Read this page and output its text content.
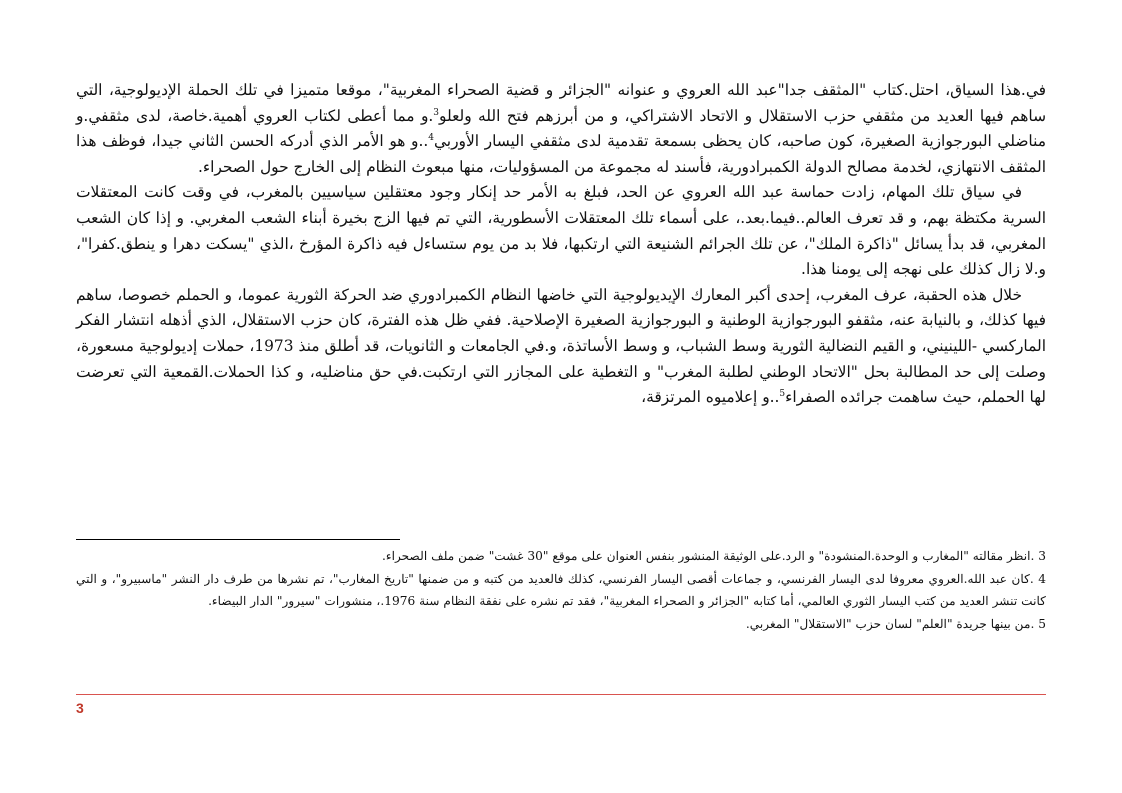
في.هذا السياق، احتل.كتاب "المثقف جدا"عبد الله العروي و عنوانه "الجزائر و قضية الصحراء المغربية"، موقعا متميزا في تلك الحملة الإديولوجية، التي ساهم فيها العديد من مثقفي حزب الاستقلال و الاتحاد الاشتراكي، و من أبرزهم فتح الله ولعلو$^3$.و مما أعطى لكتاب العروي أهمية.خاصة، لدى مثقفي.و مناضلي البورجوازية الصغيرة، كون صاحبه، كان يحظى بسمعة تقدمية لدى مثقفي اليسار الأوربي$^4$..و هو الأمر الذي أدركه الحسن الثاني جيدا، فوظف هذا المثقف الانتهازي، لخدمة مصالح الدولة الكمبرادورية، فأسند له مجموعة من المسؤوليات، منها مبعوث النظام إلى الخارج حول الصحراء.

في سياق تلك المهام، زادت حماسة عبد الله العروي عن الحد، فبلغ به الأمر حد إنكار وجود معتقلين سياسيين بالمغرب، في وقت كانت المعتقلات السرية مكتظة بهم، و قد تعرف العالم..فيما.بعد.، على أسماء تلك المعتقلات الأسطورية، التي تم فيها الزج بخيرة أبناء الشعب المغربي. و إذا كان الشعب المغربي، قد بدأ يسائل "ذاكرة الملك"، عن تلك الجرائم الشنيعة التي ارتكبها، فلا بد من يوم ستساءل فيه ذاكرة المؤرخ ،الذي "يسكت دهرا و ينطق.كفرا"، و.لا زال كذلك على نهجه إلى يومنا هذا.

خلال هذه الحقبة، عرف المغرب، إحدى أكبر المعارك الإيديولوجية التي خاضها النظام الكمبرادوري ضد الحركة الثورية عموما، و الحملم خصوصا، ساهم فيها كذلك، و بالنيابة عنه، مثقفو البورجوازية الوطنية و البورجوازية الصغيرة الإصلاحية. ففي ظل هذه الفترة، كان حزب الاستقلال، الذي أذهله انتشار الفكر الماركسي -اللينيني، و القيم النضالية الثورية وسط الشباب، و وسط الأساتذة، و.في الجامعات و الثانويات، قد أطلق منذ 1973، حملات إديولوجية مسعورة، وصلت إلى حد المطالبة بحل "الاتحاد الوطني لطلبة المغرب" و التغطية على المجازر التي ارتكبت.في حق مناضليه، و كذا الحملات.القمعية التي تعرضت لها الحملم، حيث ساهمت جرائده الصفراء$^5$..و إعلاميوه المرتزقة،

3 .انظر مقالته "المغارب و الوحدة.المنشودة" و الرد.على الوثيقة المنشور بنفس العنوان على موقع "30 غشت" ضمن ملف الصحراء.

4 .كان عبد الله.العروي معروفا لدى اليسار الفرنسي، و جماعات أقصى اليسار الفرنسي، كذلك فالعديد من كتبه و من ضمنها "تاريخ المغارب"، تم نشرها من طرف دار النشر "ماسبيرو"، و التي كانت تنشر العديد من كتب اليسار الثوري العالمي، أما كتابه "الجزائر و الصحراء المغربية"، فقد تم نشره على نفقة النظام سنة 1976.، منشورات "سيرور" الدار البيضاء.

5 .من بينها جريدة "العلم" لسان حزب "الاستقلال" المغربي.

3
